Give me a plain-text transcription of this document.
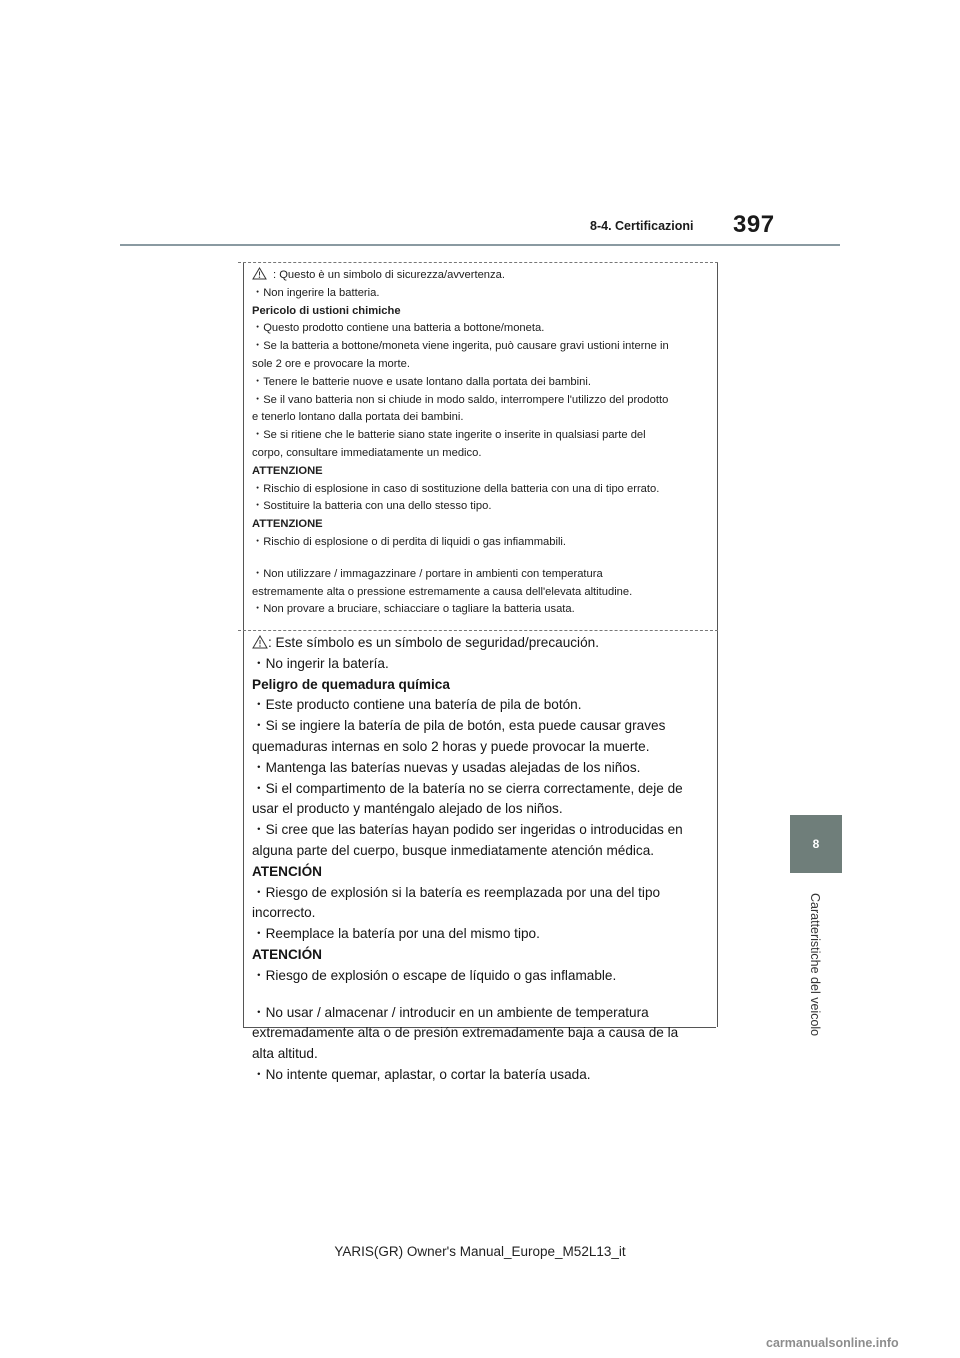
8-4. Certificazioni 397
8
Caratteristiche del veicolo
: Questo è un simbolo di sicurezza/avvertenza.
・Non ingerire la batteria.
Pericolo di ustioni chimiche
・Questo prodotto contiene una batteria a bottone/moneta.
・Se la batteria a bottone/moneta viene ingerita, può causare gravi ustioni interne in
sole 2 ore e provocare la morte.
・Tenere le batterie nuove e usate lontano dalla portata dei bambini.
・Se il vano batteria non si chiude in modo saldo, interrompere l'utilizzo del prodotto
e tenerlo lontano dalla portata dei bambini.
・Se si ritiene che le batterie siano state ingerite o inserite in qualsiasi parte del
corpo, consultare immediatamente un medico.
ATTENZIONE
・Rischio di esplosione in caso di sostituzione della batteria con una di tipo errato.
・Sostituire la batteria con una dello stesso tipo.
ATTENZIONE
・Rischio di esplosione o di perdita di liquidi o gas infiammabili.
・Non utilizzare / immagazzinare / portare in ambienti con temperatura
estremamente alta o pressione estremamente a causa dell'elevata altitudine.
・Non provare a bruciare, schiacciare o tagliare la batteria usata.
: Este símbolo es un símbolo de seguridad/precaución.
・No ingerir la batería.
Peligro de quemadura química
・Este producto contiene una batería de pila de botón.
・Si se ingiere la batería de pila de botón, esta puede causar graves
quemaduras internas en solo 2 horas y puede provocar la muerte.
・Mantenga las baterías nuevas y usadas alejadas de los niños.
・Si el compartimento de la batería no se cierra correctamente, deje de
usar el producto y manténgalo alejado de los niños.
・Si cree que las baterías hayan podido ser ingeridas o introducidas en
alguna parte del cuerpo, busque inmediatamente atención médica.
ATENCIÓN
・Riesgo de explosión si la batería es reemplazada por una del tipo
incorrecto.
・Reemplace la batería por una del mismo tipo.
ATENCIÓN
・Riesgo de explosión o escape de líquido o gas inflamable.
・No usar / almacenar / introducir en un ambiente de temperatura
extremadamente alta o de presión extremadamente baja a causa de la
alta altitud.
・No intente quemar, aplastar, o cortar la batería usada.
YARIS(GR) Owner's Manual_Europe_M52L13_it
carmanualsonline.info
